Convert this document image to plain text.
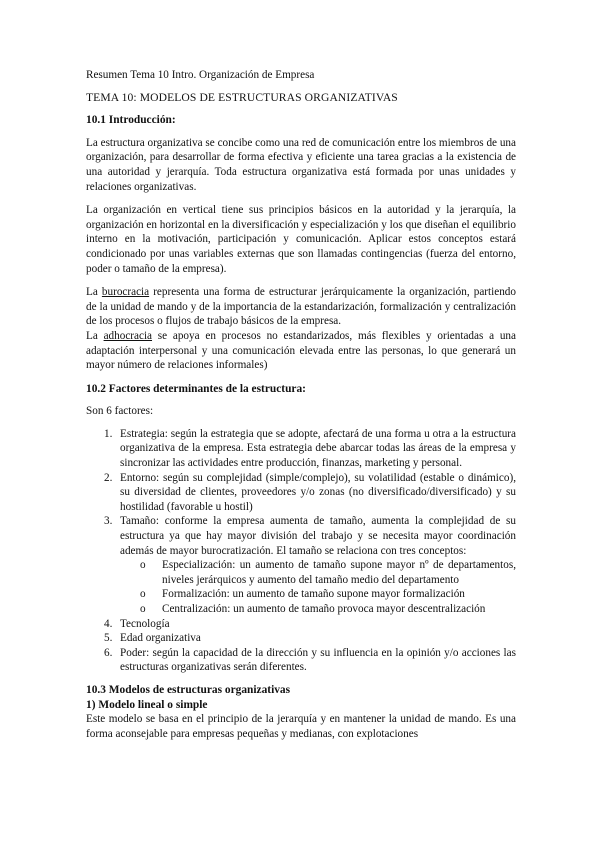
Resumen Tema 10 Intro. Organización de Empresa

TEMA 10: MODELOS DE ESTRUCTURAS ORGANIZATIVAS

10.1 Introducción:

La estructura organizativa se concibe como una red de comunicación entre los miembros de una organización, para desarrollar de forma efectiva y eficiente una tarea gracias a la existencia de una autoridad y jerarquía. Toda estructura organizativa está formada por unas unidades y relaciones organizativas.

La organización en vertical tiene sus principios básicos en la autoridad y la jerarquía, la organización en horizontal en la diversificación y especialización y los que diseñan el equilibrio interno en la motivación, participación y comunicación. Aplicar estos conceptos estará condicionado por unas variables externas que son llamadas contingencias (fuerza del entorno, poder o tamaño de la empresa).

La burocracia representa una forma de estructurar jerárquicamente la organización, partiendo de la unidad de mando y de la importancia de la estandarización, formalización y centralización de los procesos o flujos de trabajo básicos de la empresa.

La adhocracia se apoya en procesos no estandarizados, más flexibles y orientadas a una adaptación interpersonal y una comunicación elevada entre las personas, lo que generará un mayor número de relaciones informales)

10.2 Factores determinantes de la estructura:

Son 6 factores:

1. Estrategia: según la estrategia que se adopte, afectará de una forma u otra a la estructura organizativa de la empresa. Esta estrategia debe abarcar todas las áreas de la empresa y sincronizar las actividades entre producción, finanzas, marketing y personal.
2. Entorno: según su complejidad (simple/complejo), su volatilidad (estable o dinámico), su diversidad de clientes, proveedores y/o zonas (no diversificado/diversificado) y su hostilidad (favorable u hostil)
3. Tamaño: conforme la empresa aumenta de tamaño, aumenta la complejidad de su estructura ya que hay mayor división del trabajo y se necesita mayor coordinación además de mayor burocratización. El tamaño se relaciona con tres conceptos:
o Especialización: un aumento de tamaño supone mayor nº de departamentos, niveles jerárquicos y aumento del tamaño medio del departamento
o Formalización: un aumento de tamaño supone mayor formalización
o Centralización: un aumento de tamaño provoca mayor descentralización
4. Tecnología
5. Edad organizativa
6. Poder: según la capacidad de la dirección y su influencia en la opinión y/o acciones las estructuras organizativas serán diferentes.
10.3 Modelos de estructuras organizativas
1) Modelo lineal o simple

Este modelo se basa en el principio de la jerarquía y en mantener la unidad de mando. Es una forma aconsejable para empresas pequeñas y medianas, con explotaciones
